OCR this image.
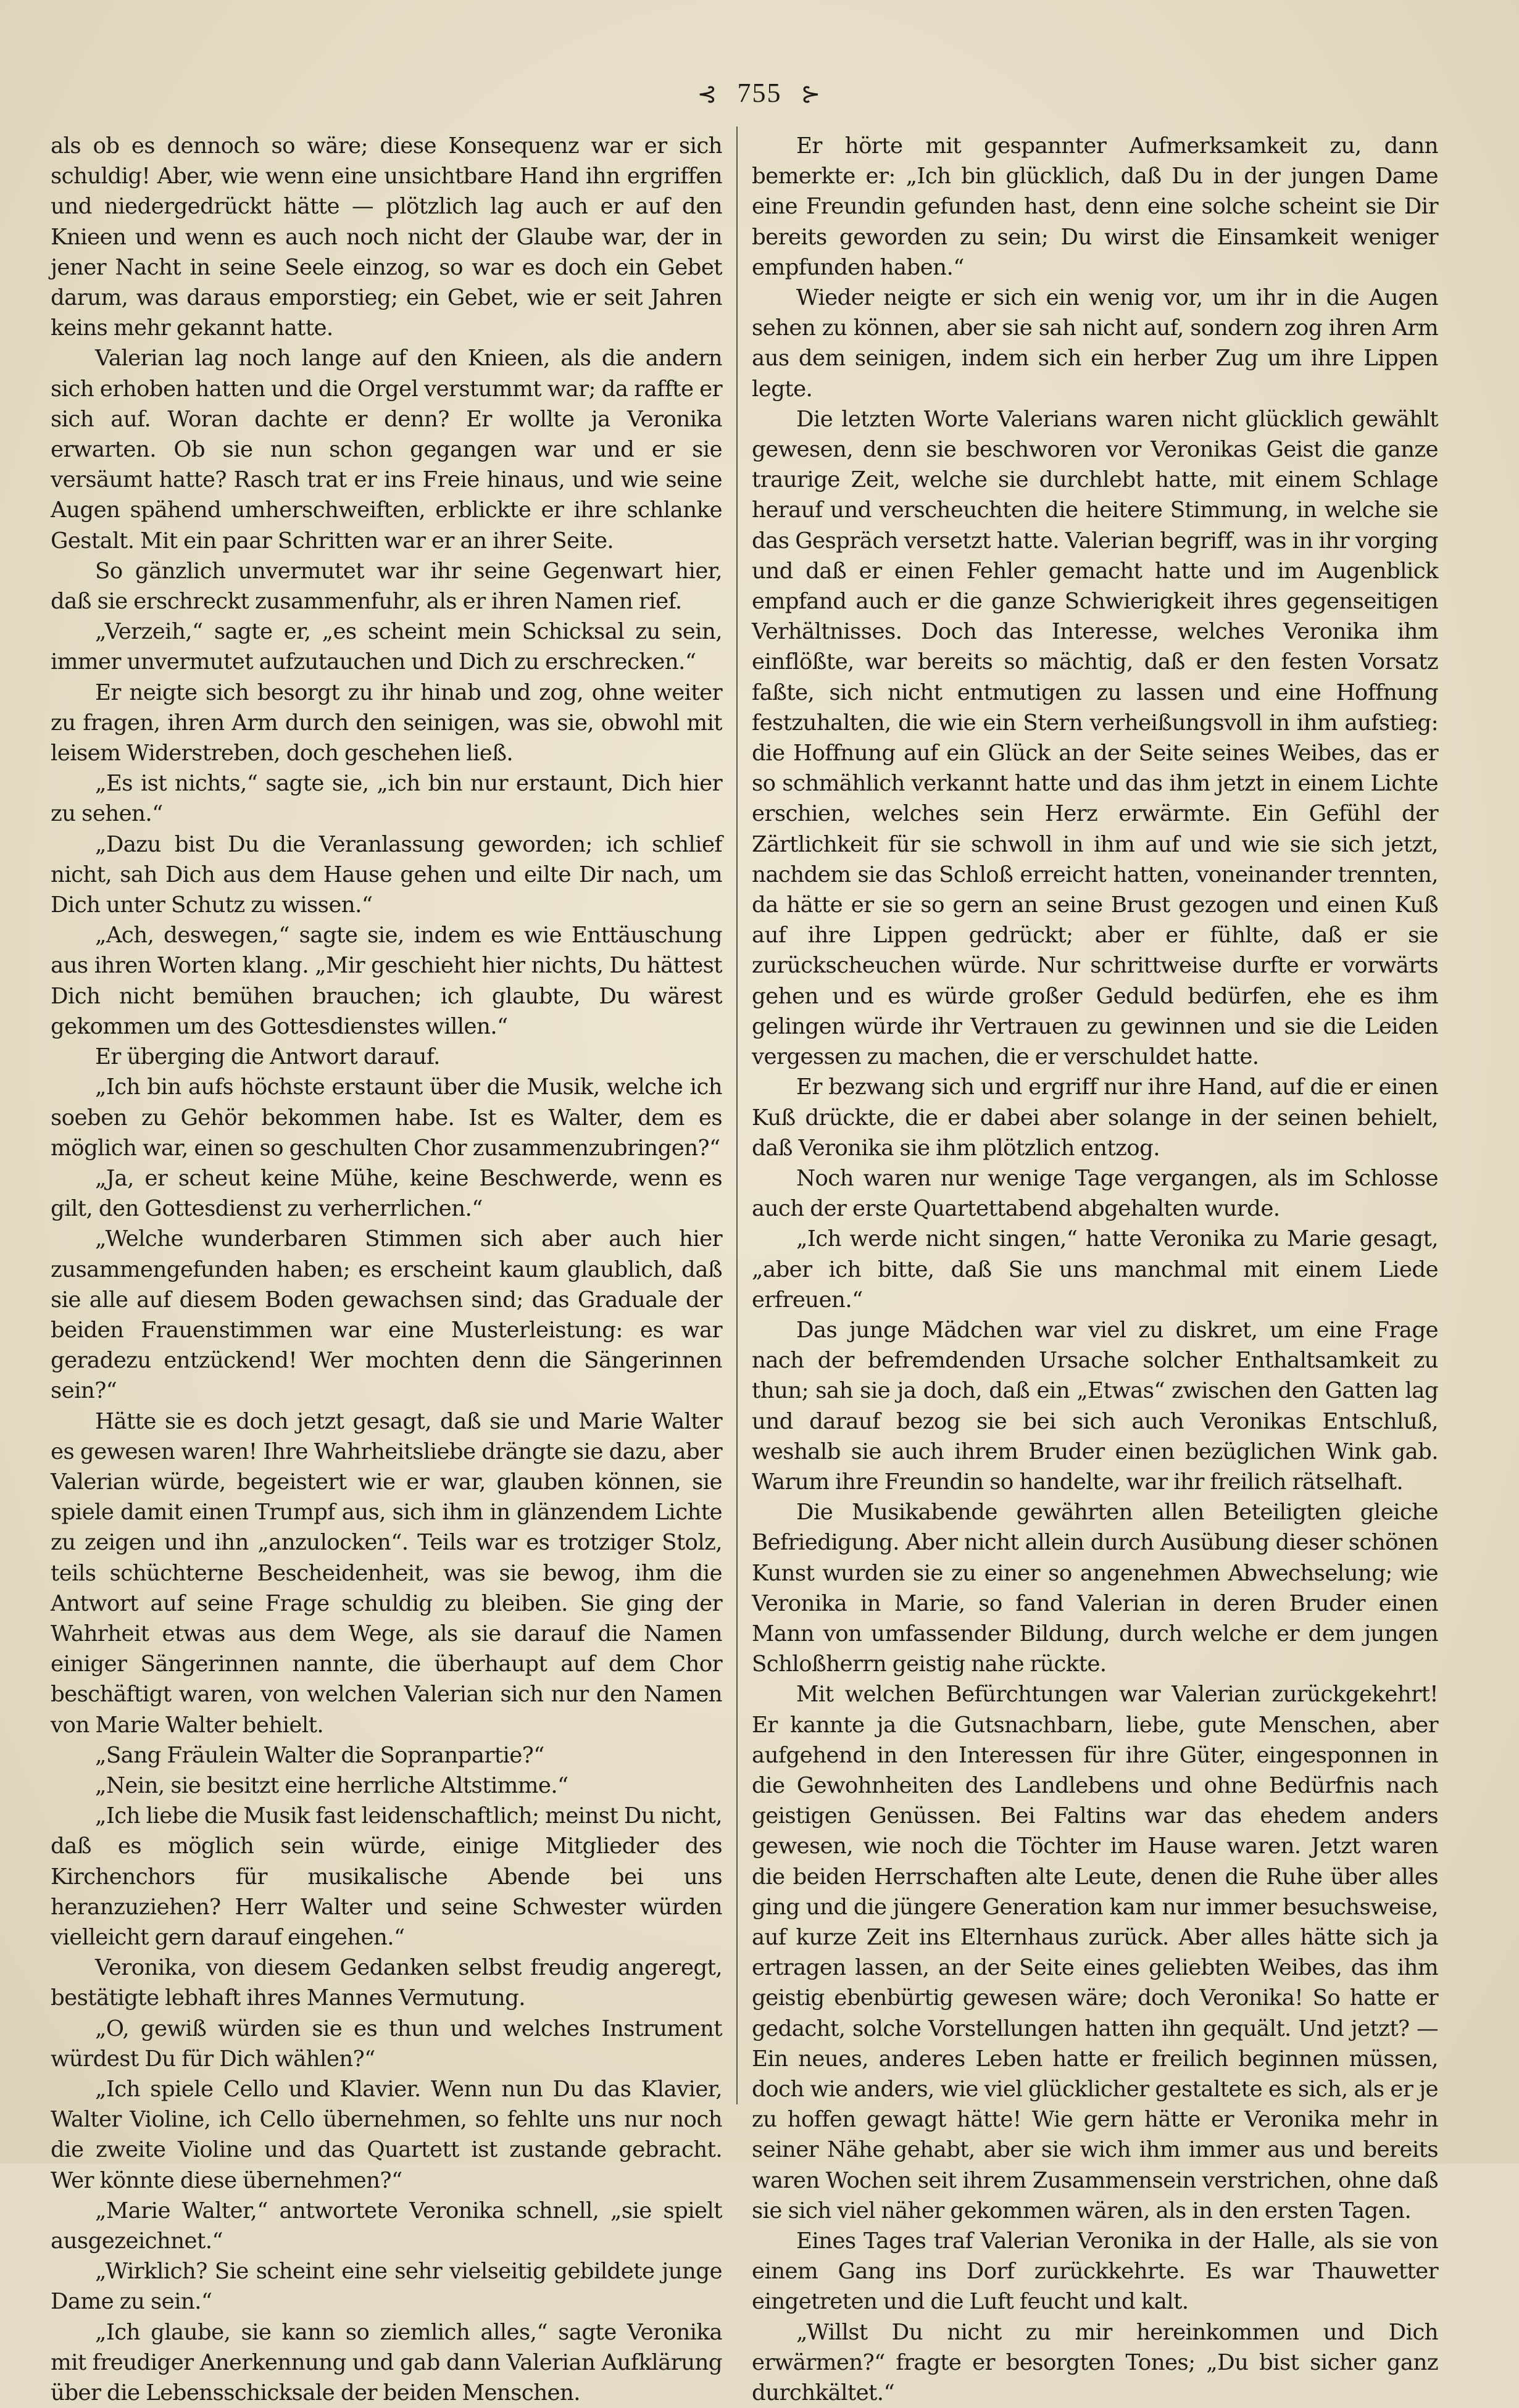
⊰ 755 ⊱

als ob es dennoch so wäre; diese Konsequenz war er sich schuldig! Aber, wie wenn eine unsichtbare Hand ihn ergriffen und niedergedrückt hätte — plötzlich lag auch er auf den Knieen und wenn es auch noch nicht der Glaube war, der in jener Nacht in seine Seele einzog, so war es doch ein Gebet darum, was daraus emporstieg; ein Gebet, wie er seit Jahren keins mehr gekannt hatte.

Valerian lag noch lange auf den Knieen, als die andern sich erhoben hatten und die Orgel verstummt war; da raffte er sich auf. Woran dachte er denn? Er wollte ja Veronika erwarten. Ob sie nun schon gegangen war und er sie versäumt hatte? Rasch trat er ins Freie hinaus, und wie seine Augen spähend umherschweiften, erblickte er ihre schlanke Gestalt. Mit ein paar Schritten war er an ihrer Seite.

So gänzlich unvermutet war ihr seine Gegenwart hier, daß sie erschreckt zusammenfuhr, als er ihren Namen rief.

„Verzeih,“ sagte er, „es scheint mein Schicksal zu sein, immer unvermutet aufzutauchen und Dich zu erschrecken.“

Er neigte sich besorgt zu ihr hinab und zog, ohne weiter zu fragen, ihren Arm durch den seinigen, was sie, obwohl mit leisem Widerstreben, doch geschehen ließ.

„Es ist nichts,“ sagte sie, „ich bin nur erstaunt, Dich hier zu sehen.“

„Dazu bist Du die Veranlassung geworden; ich schlief nicht, sah Dich aus dem Hause gehen und eilte Dir nach, um Dich unter Schutz zu wissen.“

„Ach, deswegen,“ sagte sie, indem es wie Enttäuschung aus ihren Worten klang. „Mir geschieht hier nichts, Du hättest Dich nicht bemühen brauchen; ich glaubte, Du wärest gekommen um des Gottesdienstes willen.“

Er überging die Antwort darauf.

„Ich bin aufs höchste erstaunt über die Musik, welche ich soeben zu Gehör bekommen habe. Ist es Walter, dem es möglich war, einen so geschulten Chor zusammenzubringen?“

„Ja, er scheut keine Mühe, keine Beschwerde, wenn es gilt, den Gottesdienst zu verherrlichen.“

„Welche wunderbaren Stimmen sich aber auch hier zusammengefunden haben; es erscheint kaum glaublich, daß sie alle auf diesem Boden gewachsen sind; das Graduale der beiden Frauenstimmen war eine Musterleistung: es war geradezu entzückend! Wer mochten denn die Sängerinnen sein?“

Hätte sie es doch jetzt gesagt, daß sie und Marie Walter es gewesen waren! Ihre Wahrheitsliebe drängte sie dazu, aber Valerian würde, begeistert wie er war, glauben können, sie spiele damit einen Trumpf aus, sich ihm in glänzendem Lichte zu zeigen und ihn „anzulocken“. Teils war es trotziger Stolz, teils schüchterne Bescheidenheit, was sie bewog, ihm die Antwort auf seine Frage schuldig zu bleiben. Sie ging der Wahrheit etwas aus dem Wege, als sie darauf die Namen einiger Sängerinnen nannte, die überhaupt auf dem Chor beschäftigt waren, von welchen Valerian sich nur den Namen von Marie Walter behielt.

„Sang Fräulein Walter die Sopranpartie?“

„Nein, sie besitzt eine herrliche Altstimme.“

„Ich liebe die Musik fast leidenschaftlich; meinst Du nicht, daß es möglich sein würde, einige Mitglieder des Kirchenchors für musikalische Abende bei uns heranzuziehen? Herr Walter und seine Schwester würden vielleicht gern darauf eingehen.“

Veronika, von diesem Gedanken selbst freudig angeregt, bestätigte lebhaft ihres Mannes Vermutung.

„O, gewiß würden sie es thun und welches Instrument würdest Du für Dich wählen?“

„Ich spiele Cello und Klavier. Wenn nun Du das Klavier, Walter Violine, ich Cello übernehmen, so fehlte uns nur noch die zweite Violine und das Quartett ist zustande gebracht. Wer könnte diese übernehmen?“

„Marie Walter,“ antwortete Veronika schnell, „sie spielt ausgezeichnet.“

„Wirklich? Sie scheint eine sehr vielseitig gebildete junge Dame zu sein.“

„Ich glaube, sie kann so ziemlich alles,“ sagte Veronika mit freudiger Anerkennung und gab dann Valerian Aufklärung über die Lebensschicksale der beiden Menschen.

Er hörte mit gespannter Aufmerksamkeit zu, dann bemerkte er: „Ich bin glücklich, daß Du in der jungen Dame eine Freundin gefunden hast, denn eine solche scheint sie Dir bereits geworden zu sein; Du wirst die Einsamkeit weniger empfunden haben.“

Wieder neigte er sich ein wenig vor, um ihr in die Augen sehen zu können, aber sie sah nicht auf, sondern zog ihren Arm aus dem seinigen, indem sich ein herber Zug um ihre Lippen legte.

Die letzten Worte Valerians waren nicht glücklich gewählt gewesen, denn sie beschworen vor Veronikas Geist die ganze traurige Zeit, welche sie durchlebt hatte, mit einem Schlage herauf und verscheuchten die heitere Stimmung, in welche sie das Gespräch versetzt hatte. Valerian begriff, was in ihr vorging und daß er einen Fehler gemacht hatte und im Augenblick empfand auch er die ganze Schwierigkeit ihres gegenseitigen Verhältnisses. Doch das Interesse, welches Veronika ihm einflößte, war bereits so mächtig, daß er den festen Vorsatz faßte, sich nicht entmutigen zu lassen und eine Hoffnung festzuhalten, die wie ein Stern verheißungsvoll in ihm aufstieg: die Hoffnung auf ein Glück an der Seite seines Weibes, das er so schmählich verkannt hatte und das ihm jetzt in einem Lichte erschien, welches sein Herz erwärmte. Ein Gefühl der Zärtlichkeit für sie schwoll in ihm auf und wie sie sich jetzt, nachdem sie das Schloß erreicht hatten, voneinander trennten, da hätte er sie so gern an seine Brust gezogen und einen Kuß auf ihre Lippen gedrückt; aber er fühlte, daß er sie zurückscheuchen würde. Nur schrittweise durfte er vorwärts gehen und es würde großer Geduld bedürfen, ehe es ihm gelingen würde ihr Vertrauen zu gewinnen und sie die Leiden vergessen zu machen, die er verschuldet hatte.

Er bezwang sich und ergriff nur ihre Hand, auf die er einen Kuß drückte, die er dabei aber solange in der seinen behielt, daß Veronika sie ihm plötzlich entzog.

Noch waren nur wenige Tage vergangen, als im Schlosse auch der erste Quartettabend abgehalten wurde.

„Ich werde nicht singen,“ hatte Veronika zu Marie gesagt, „aber ich bitte, daß Sie uns manchmal mit einem Liede erfreuen.“

Das junge Mädchen war viel zu diskret, um eine Frage nach der befremdenden Ursache solcher Enthaltsamkeit zu thun; sah sie ja doch, daß ein „Etwas“ zwischen den Gatten lag und darauf bezog sie bei sich auch Veronikas Entschluß, weshalb sie auch ihrem Bruder einen bezüglichen Wink gab. Warum ihre Freundin so handelte, war ihr freilich rätselhaft.

Die Musikabende gewährten allen Beteiligten gleiche Befriedigung. Aber nicht allein durch Ausübung dieser schönen Kunst wurden sie zu einer so angenehmen Abwechselung; wie Veronika in Marie, so fand Valerian in deren Bruder einen Mann von umfassender Bildung, durch welche er dem jungen Schloßherrn geistig nahe rückte.

Mit welchen Befürchtungen war Valerian zurückgekehrt! Er kannte ja die Gutsnachbarn, liebe, gute Menschen, aber aufgehend in den Interessen für ihre Güter, eingesponnen in die Gewohnheiten des Landlebens und ohne Bedürfnis nach geistigen Genüssen. Bei Faltins war das ehedem anders gewesen, wie noch die Töchter im Hause waren. Jetzt waren die beiden Herrschaften alte Leute, denen die Ruhe über alles ging und die jüngere Generation kam nur immer besuchsweise, auf kurze Zeit ins Elternhaus zurück. Aber alles hätte sich ja ertragen lassen, an der Seite eines geliebten Weibes, das ihm geistig ebenbürtig gewesen wäre; doch Veronika! So hatte er gedacht, solche Vorstellungen hatten ihn gequält. Und jetzt? — Ein neues, anderes Leben hatte er freilich beginnen müssen, doch wie anders, wie viel glücklicher gestaltete es sich, als er je zu hoffen gewagt hätte! Wie gern hätte er Veronika mehr in seiner Nähe gehabt, aber sie wich ihm immer aus und bereits waren Wochen seit ihrem Zusammensein verstrichen, ohne daß sie sich viel näher gekommen wären, als in den ersten Tagen.

Eines Tages traf Valerian Veronika in der Halle, als sie von einem Gang ins Dorf zurückkehrte. Es war Thauwetter eingetreten und die Luft feucht und kalt.

„Willst Du nicht zu mir hereinkommen und Dich erwärmen?“ fragte er besorgten Tones; „Du bist sicher ganz durchkältet.“
